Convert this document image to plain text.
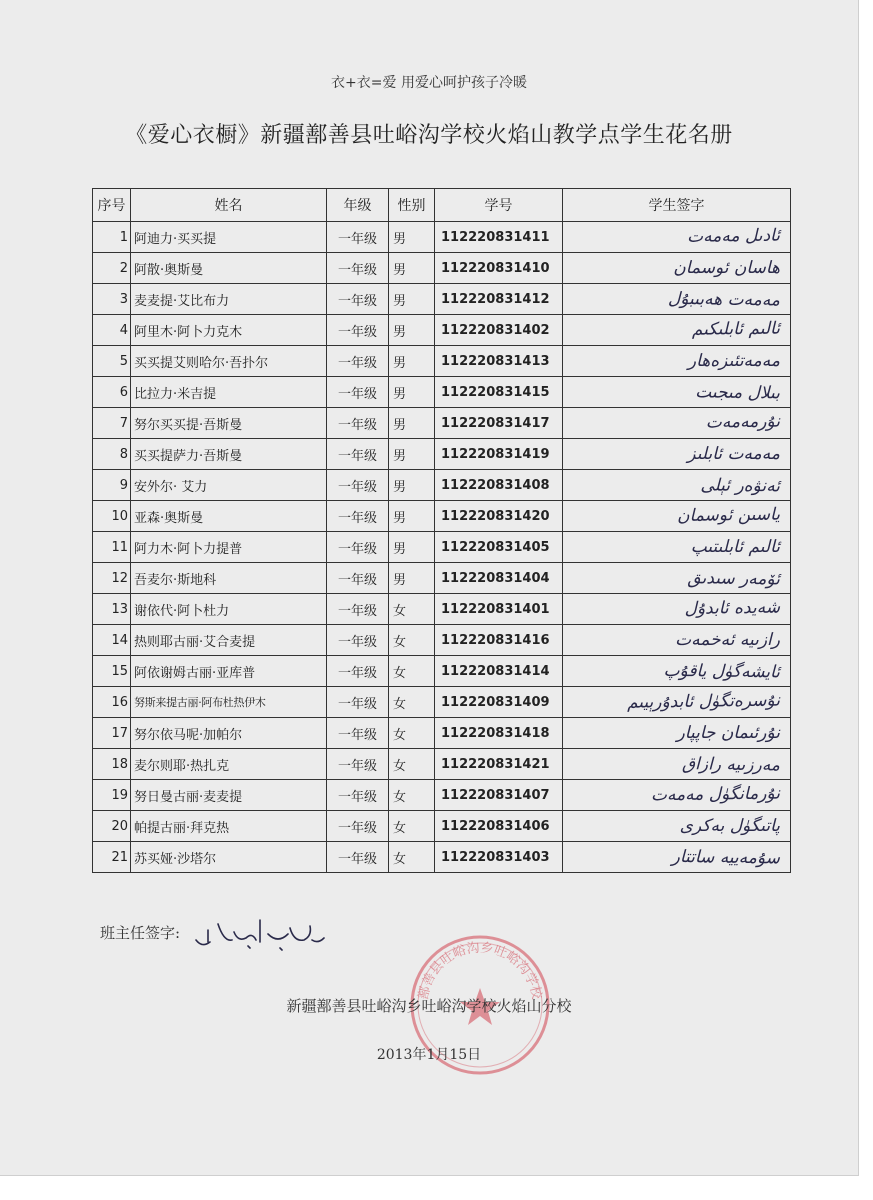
衣+衣=爱 用爱心呵护孩子冷暖
《爱心衣橱》新疆鄯善县吐峪沟学校火焰山教学点学生花名册
序号	姓名	年级	性别	学号	学生签字
1	阿迪力·买买提	一年级	男	112220831411	ئادىل مەمەت

2	阿散·奥斯曼	一年级	男	112220831410	ھاسان ئوسمان

3	麦麦提·艾比布力	一年级	男	112220831412	مەمەت ھەبىبۇل

4	阿里木·阿卜力克木	一年级	男	112220831402	ئالىم ئابلىكىم

5	买买提艾则哈尔·吾扑尔	一年级	男	112220831413	مەمەتئىزەھار

6	比拉力·米吉提	一年级	男	112220831415	بىلال مىجىت

7	努尔买买提·吾斯曼	一年级	男	112220831417	نۇرمەمەت

8	买买提萨力·吾斯曼	一年级	男	112220831419	مەمەت ئابلىز

9	安外尔· 艾力	一年级	男	112220831408	ئەنۋەر ئېلى

10	亚森·奥斯曼	一年级	男	112220831420	ياسىن ئوسمان

11	阿力木·阿卜力提普	一年级	男	112220831405	ئالىم ئابلىتىپ

12	吾麦尔·斯地科	一年级	男	112220831404	ئۆمەر سىدىق

13	谢依代·阿卜杜力	一年级	女	112220831401	شەيدە ئابدۇل

14	热则耶古丽·艾合麦提	一年级	女	112220831416	رازىيە ئەخمەت

15	阿依谢姆古丽·亚库普	一年级	女	112220831414	ئايشەگۈل ياقۇپ

16	努斯来提古丽·阿布杜热伊木	一年级	女	112220831409	نۇسرەتگۈل ئابدۇرېيىم

17	努尔依马呢·加帕尔	一年级	女	112220831418	نۇرئىمان جاپپار

18	麦尔则耶·热扎克	一年级	女	112220831421	مەرزىيە رازاق

19	努日曼古丽·麦麦提	一年级	女	112220831407	نۇرمانگۈل مەمەت

20	帕提古丽·拜克热	一年级	女	112220831406	پاتىگۈل بەكرى

21	苏买娅·沙塔尔	一年级	女	112220831403	سۇمەييە ساتتار
班主任签字:
鄯善县吐峪沟乡吐峪沟学校
新疆鄯善县吐峪沟乡吐峪沟学校火焰山分校
2013年1月15日
